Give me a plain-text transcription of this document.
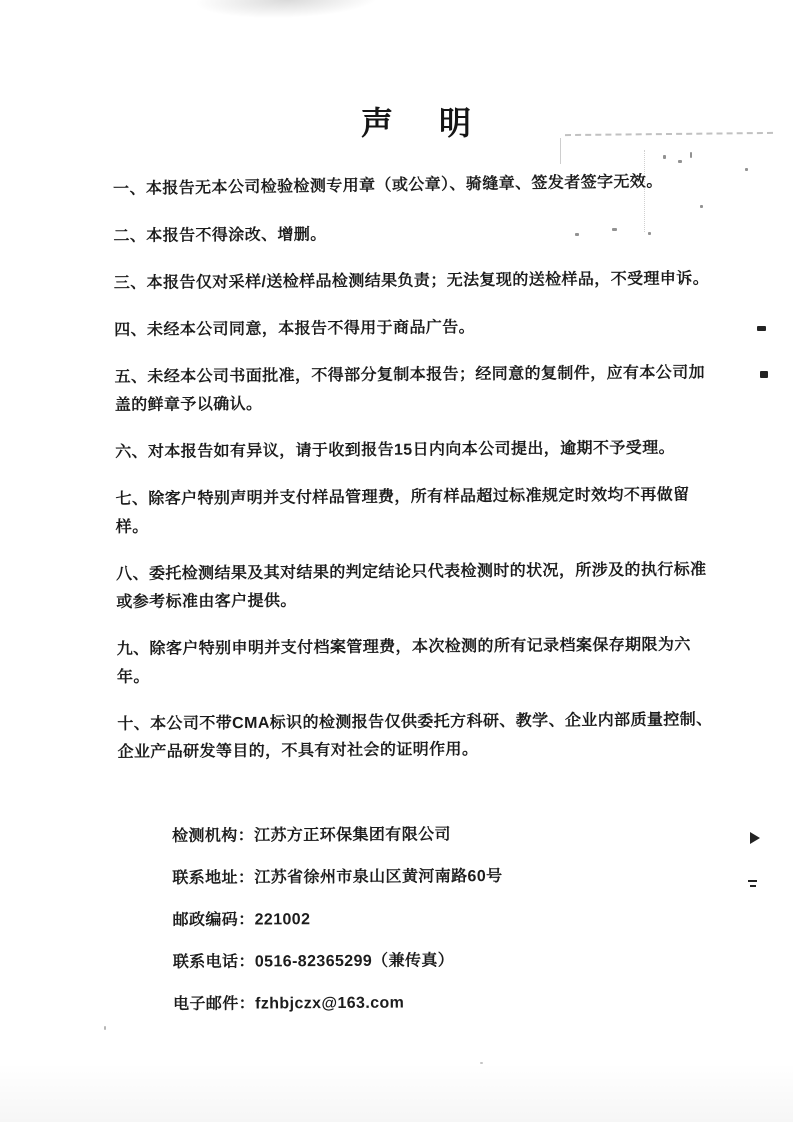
声　明

一、本报告无本公司检验检测专用章（或公章）、骑缝章、签发者签字无效。

二、本报告不得涂改、增删。

三、本报告仅对采样/送检样品检测结果负责；无法复现的送检样品，不受理申诉。

四、未经本公司同意，本报告不得用于商品广告。

五、未经本公司书面批准，不得部分复制本报告；经同意的复制件，应有本公司加盖的鲜章予以确认。

六、对本报告如有异议，请于收到报告15日内向本公司提出，逾期不予受理。

七、除客户特别声明并支付样品管理费，所有样品超过标准规定时效均不再做留样。

八、委托检测结果及其对结果的判定结论只代表检测时的状况，所涉及的执行标准或参考标准由客户提供。

九、除客户特别申明并支付档案管理费，本次检测的所有记录档案保存期限为六年。

十、本公司不带CMA标识的检测报告仅供委托方科研、教学、企业内部质量控制、企业产品研发等目的，不具有对社会的证明作用。

检测机构：江苏方正环保集团有限公司

联系地址：江苏省徐州市泉山区黄河南路60号

邮政编码：221002

联系电话：0516-82365299（兼传真）

电子邮件：fzhbjczx@163.com
